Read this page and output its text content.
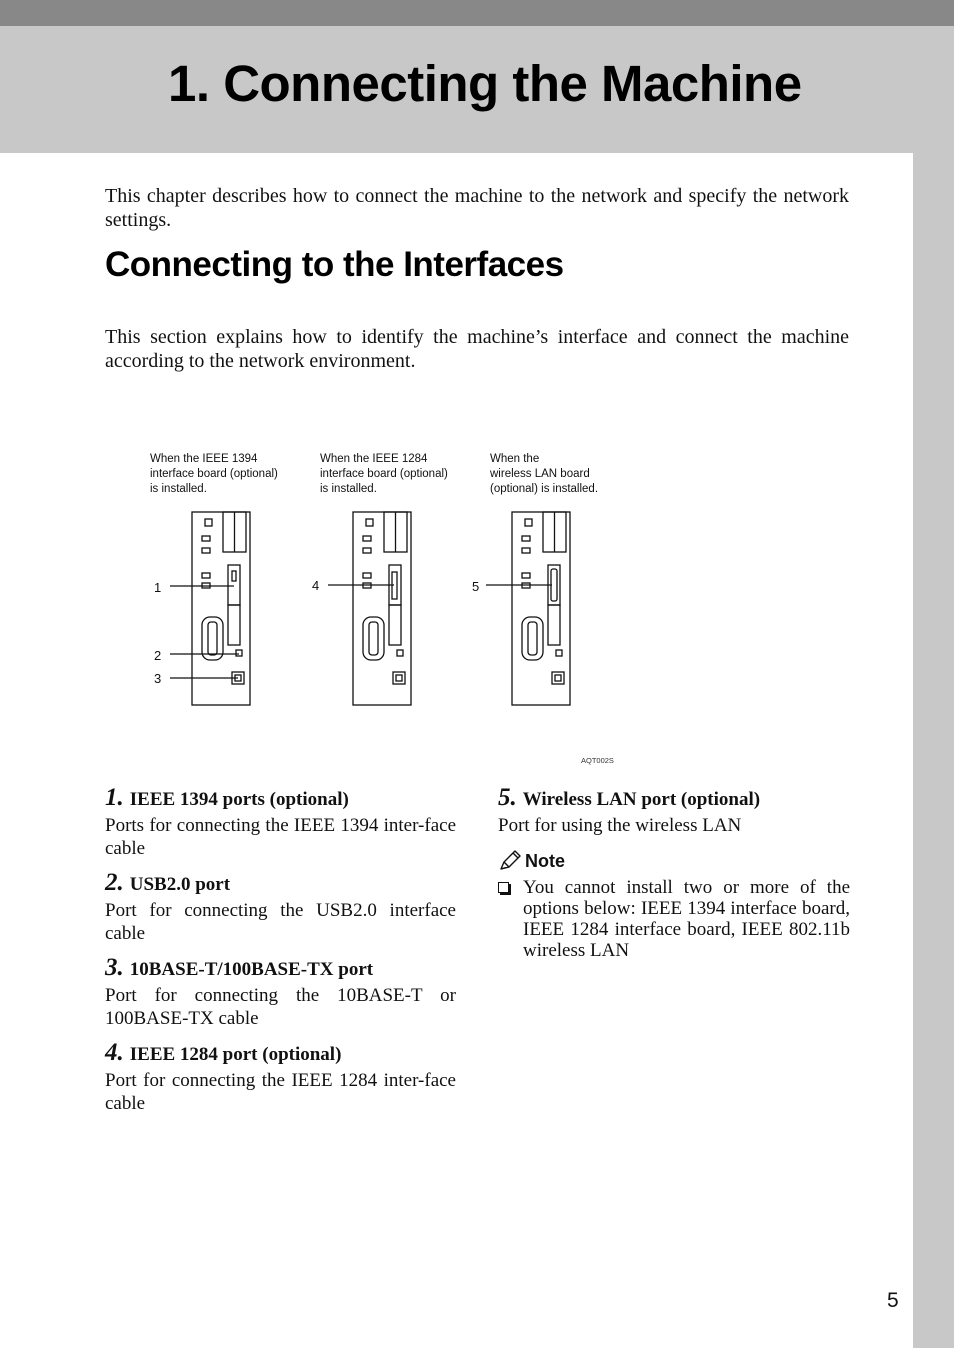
1. Connecting the Machine

This chapter describes how to connect the machine to the network and specify the network settings.

Connecting to the Interfaces

This section explains how to identify the machine’s interface and connect the machine according to the network environment.

When the IEEE 1394
interface board (optional)
is installed.
When the IEEE 1284
interface board (optional)
is installed.
When the
wireless LAN board
(optional) is installed.
1
2
3
4	5
AQT002S

1. IEEE 1394 ports (optional)

Ports for connecting the IEEE 1394 inter-face cable

2. USB2.0 port

Port for connecting the USB2.0 interface cable

3. 10BASE-T/100BASE-TX port

Port for connecting the 10BASE-T or 100BASE-TX cable

4. IEEE 1284 port (optional)

Port for connecting the IEEE 1284 inter-face cable

5. Wireless LAN port (optional)

Port for using the wireless LAN

Note

You cannot install two or more of the options below: IEEE 1394 interface board, IEEE 1284 interface board, IEEE 802.11b wireless LAN

5
